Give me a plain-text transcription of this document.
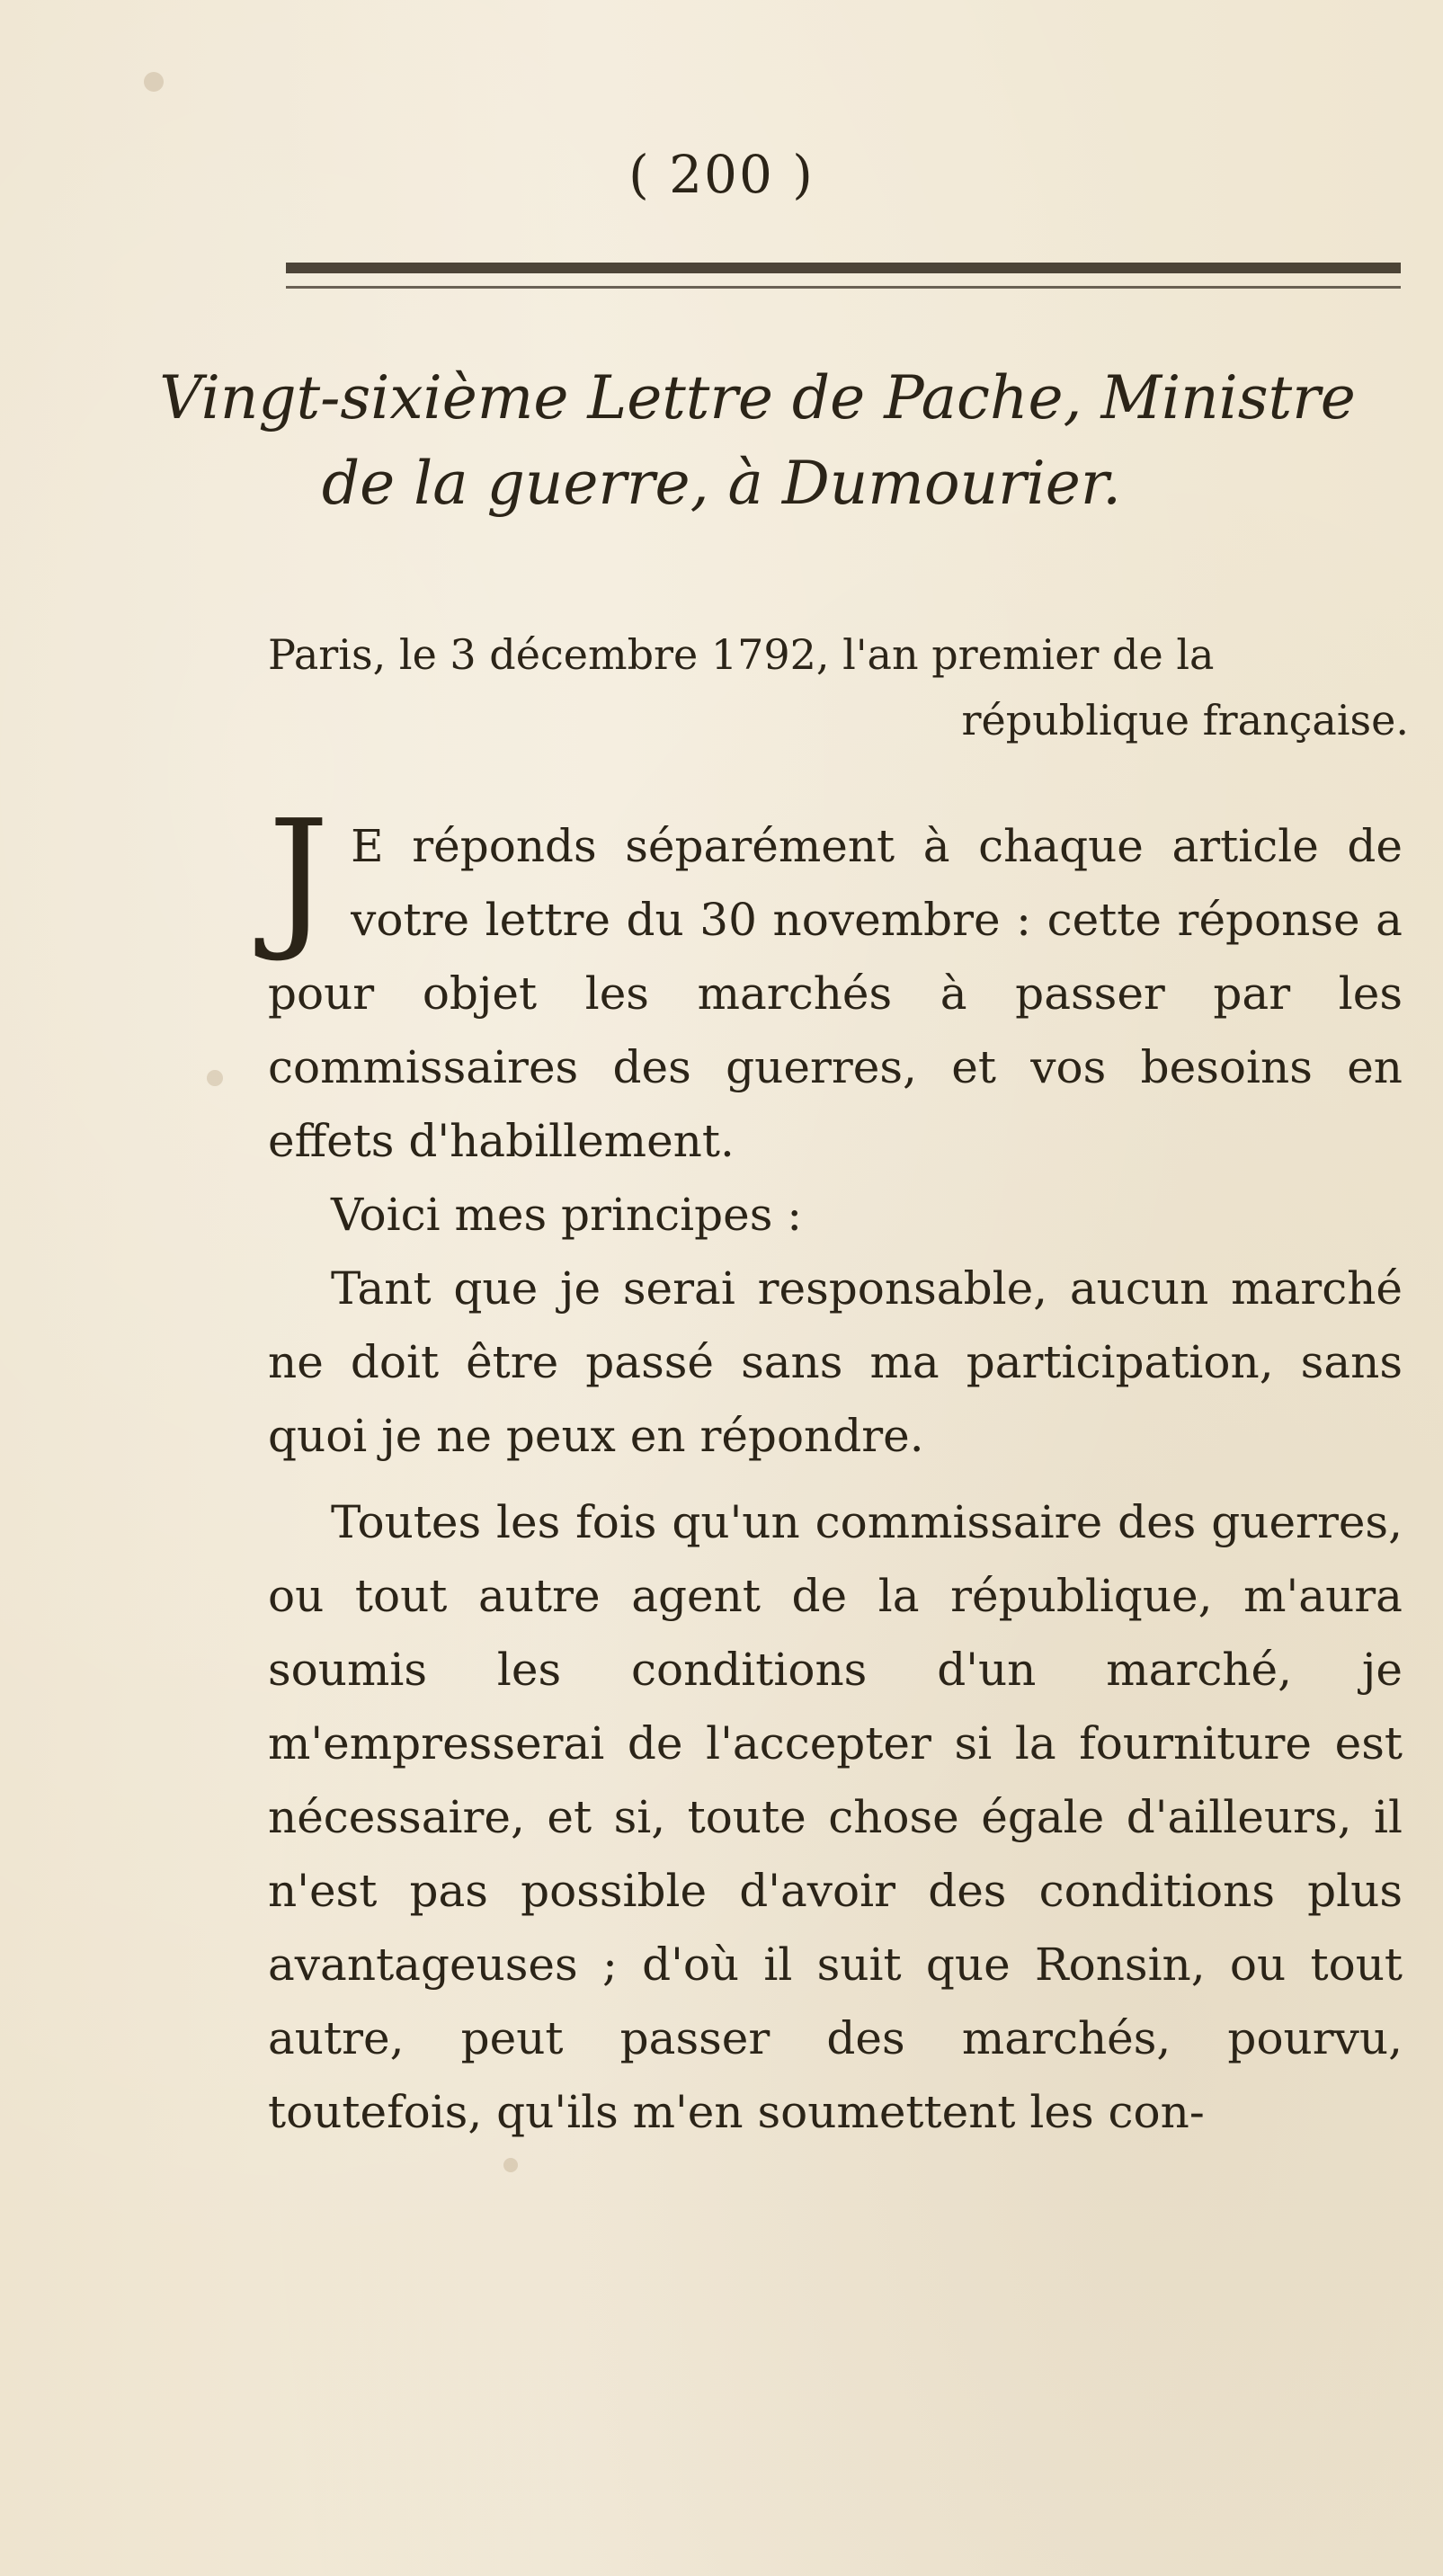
( 200 )
Vingt-sixième Lettre de Pache, Ministre
de la guerre, à Dumourier.
Paris, le 3 décembre 1792, l'an premier de la
république française.

J E réponds séparément à chaque article de votre lettre du 30 novembre : cette réponse a pour objet les marchés à passer par les commissaires des guerres, et vos besoins en effets d'habillement.

Voici mes principes :

Tant que je serai responsable, aucun marché ne doit être passé sans ma participation, sans quoi je ne peux en répondre.

Toutes les fois qu'un commissaire des guerres, ou tout autre agent de la république, m'aura soumis les conditions d'un marché, je m'empresserai de l'accepter si la fourniture est nécessaire, et si, toute chose égale d'ailleurs, il n'est pas possible d'avoir des conditions plus avantageuses ; d'où il suit que Ronsin, ou tout autre, peut passer des marchés, pourvu, toutefois, qu'ils m'en soumettent les con-
